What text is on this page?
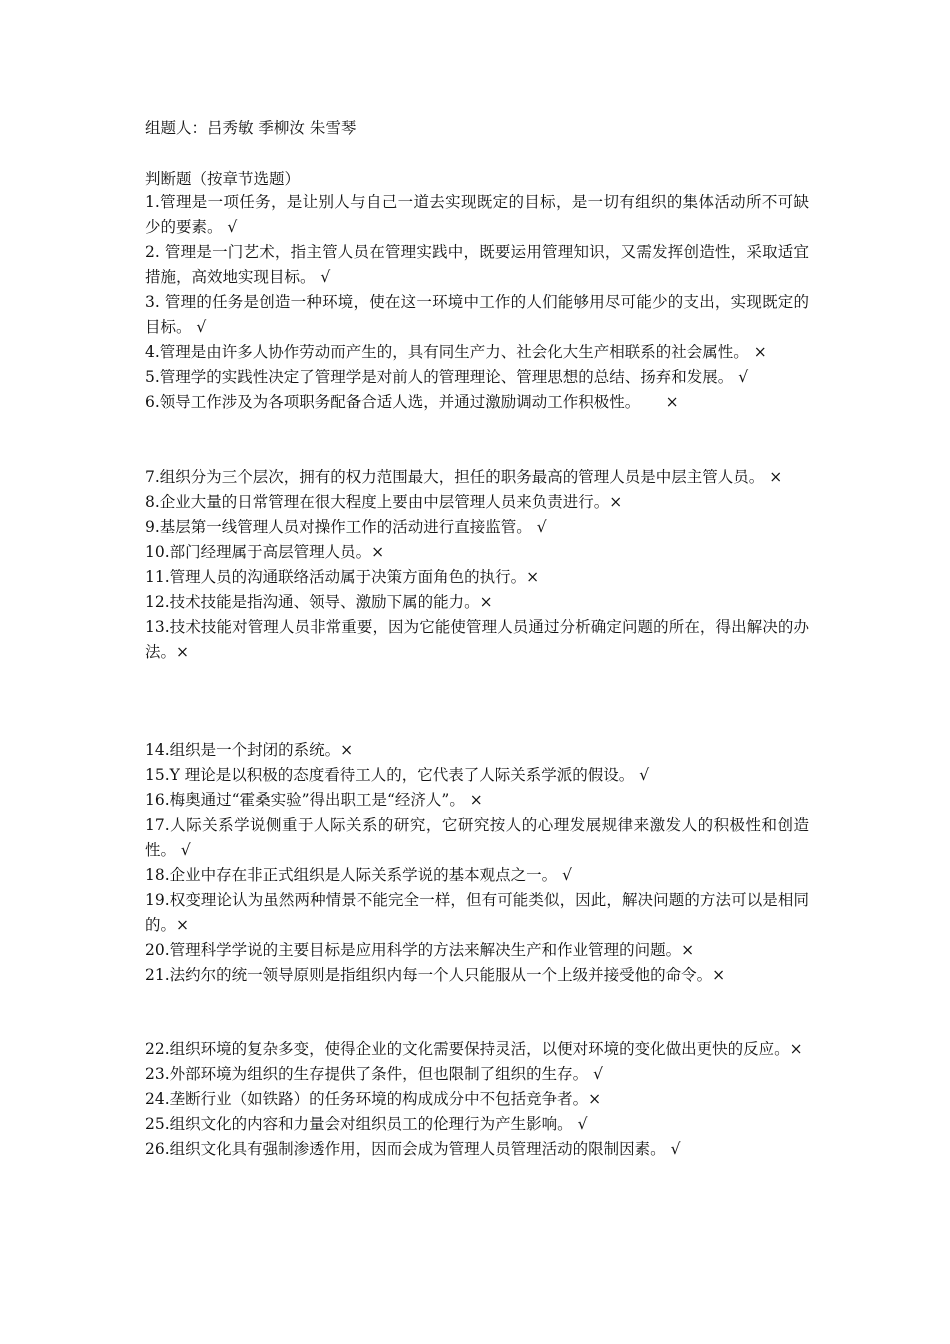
组题人：吕秀敏 季柳汝 朱雪琴
判断题（按章节选题）

1.管理是一项任务，是让别人与自己一道去实现既定的目标，是一切有组织的集体活动所不可缺少的要素。 √

2. 管理是一门艺术，指主管人员在管理实践中，既要运用管理知识，又需发挥创造性，采取适宜措施，高效地实现目标。 √

3. 管理的任务是创造一种环境，使在这一环境中工作的人们能够用尽可能少的支出，实现既定的目标。 √

4.管理是由许多人协作劳动而产生的，具有同生产力、社会化大生产相联系的社会属性。 ×

5.管理学的实践性决定了管理学是对前人的管理理论、管理思想的总结、扬弃和发展。 √

6.领导工作涉及为各项职务配备合适人选，并通过激励调动工作积极性。 　 ×

7.组织分为三个层次，拥有的权力范围最大，担任的职务最高的管理人员是中层主管人员。 ×

8.企业大量的日常管理在很大程度上要由中层管理人员来负责进行。×

9.基层第一线管理人员对操作工作的活动进行直接监管。 √

10.部门经理属于高层管理人员。×

11.管理人员的沟通联络活动属于决策方面角色的执行。×

12.技术技能是指沟通、领导、激励下属的能力。×

13.技术技能对管理人员非常重要，因为它能使管理人员通过分析确定问题的所在，得出解决的办法。×

14.组织是一个封闭的系统。×

15.Y 理论是以积极的态度看待工人的，它代表了人际关系学派的假设。 √

16.梅奥通过“霍桑实验”得出职工是“经济人”。 ×

17.人际关系学说侧重于人际关系的研究，它研究按人的心理发展规律来激发人的积极性和创造性。 √

18.企业中存在非正式组织是人际关系学说的基本观点之一。 √

19.权变理论认为虽然两种情景不能完全一样，但有可能类似，因此，解决问题的方法可以是相同的。×

20.管理科学学说的主要目标是应用科学的方法来解决生产和作业管理的问题。×

21.法约尔的统一领导原则是指组织内每一个人只能服从一个上级并接受他的命令。×

22.组织环境的复杂多变，使得企业的文化需要保持灵活，以便对环境的变化做出更快的反应。×

23.外部环境为组织的生存提供了条件，但也限制了组织的生存。 √

24.垄断行业（如铁路）的任务环境的构成成分中不包括竞争者。×

25.组织文化的内容和力量会对组织员工的伦理行为产生影响。 √

26.组织文化具有强制渗透作用，因而会成为管理人员管理活动的限制因素。 √
